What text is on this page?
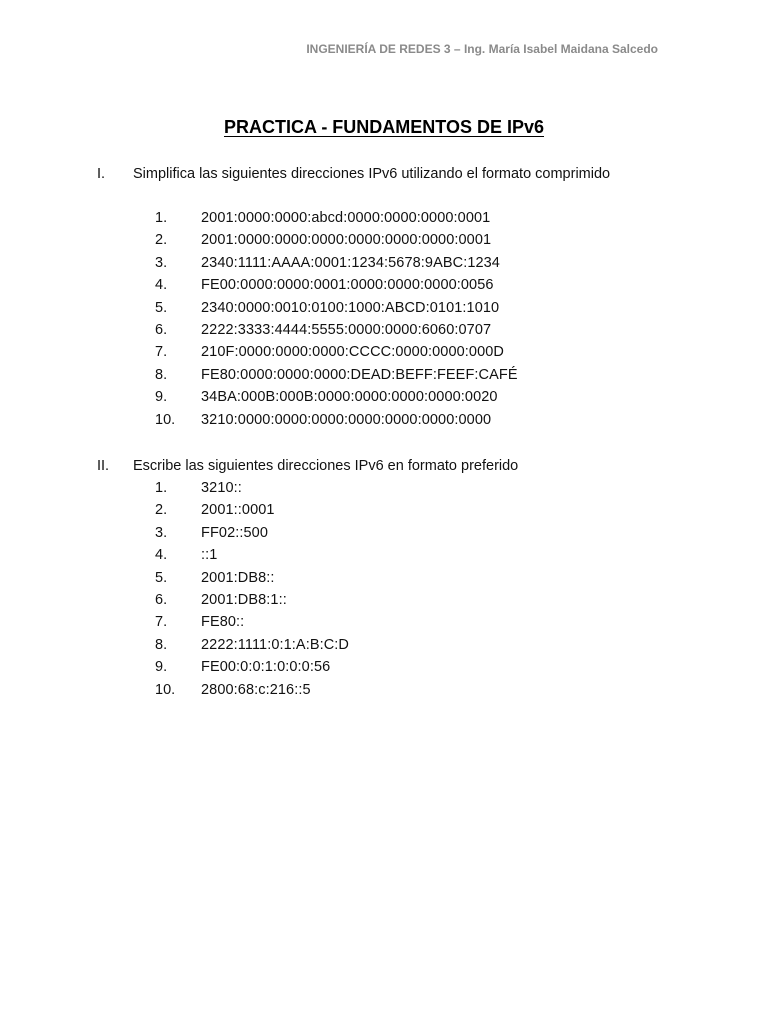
INGENIERÍA DE REDES 3 – Ing. María Isabel Maidana Salcedo
PRACTICA - FUNDAMENTOS DE IPv6
I. Simplifica las siguientes direcciones IPv6 utilizando el formato comprimido
1.	2001:0000:0000:abcd:0000:0000:0000:0001
2.	2001:0000:0000:0000:0000:0000:0000:0001
3.	2340:1111:AAAA:0001:1234:5678:9ABC:1234
4.	FE00:0000:0000:0001:0000:0000:0000:0056
5.	2340:0000:0010:0100:1000:ABCD:0101:1010
6.	2222:3333:4444:5555:0000:0000:6060:0707
7.	210F:0000:0000:0000:CCCC:0000:0000:000D
8.	FE80:0000:0000:0000:DEAD:BEFF:FEEF:CAFÉ
9.	34BA:000B:000B:0000:0000:0000:0000:0020
10. 3210:0000:0000:0000:0000:0000:0000:0000
II. Escribe las siguientes direcciones IPv6 en formato preferido
1.	3210::
2.	2001::0001
3.	FF02::500
4.	::1
5.	2001:DB8::
6.	2001:DB8:1::
7.	FE80::
8.	2222:1111:0:1:A:B:C:D
9.	FE00:0:0:1:0:0:0:56
10. 2800:68:c:216::5
